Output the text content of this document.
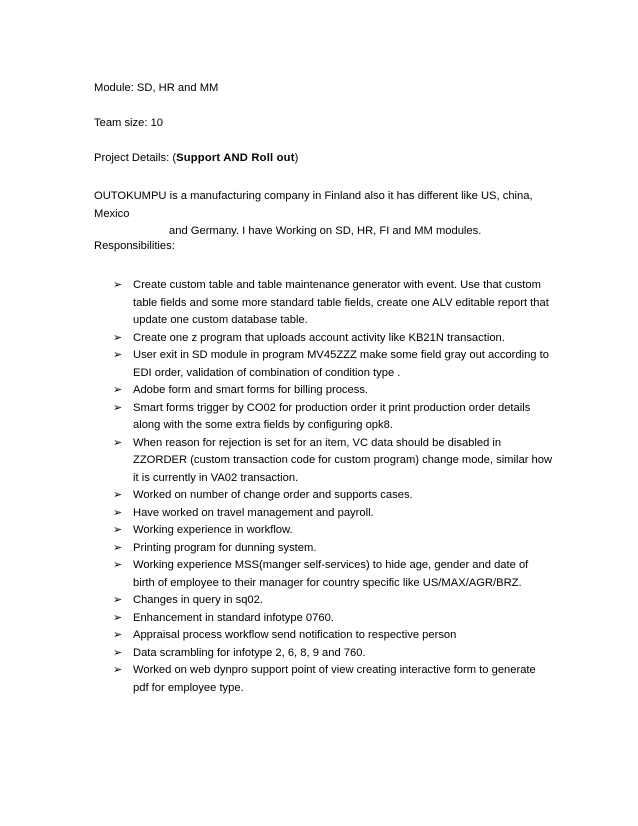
Module: SD, HR and MM

Team size: 10

Project Details: (Support AND Roll out)

OUTOKUMPU is a manufacturing company in Finland also it has different like US, china, Mexico
and Germany. I have Working on SD, HR, FI and MM modules.

Responsibilities:

➢ Create custom table and table maintenance generator with event. Use that custom table fields and some more standard table fields, create one ALV editable report that update one custom database table.
➢ Create one z program that uploads account activity like KB21N transaction.
➢ User exit in SD module in program MV45ZZZ make some field gray out according to EDI order, validation of combination of condition type .
➢ Adobe form and smart forms for billing process.
➢ Smart forms trigger by CO02 for production order it print production order details along with the some extra fields by configuring opk8.
➢ When reason for rejection is set for an item, VC data should be disabled in ZZORDER (custom transaction code for custom program) change mode, similar how it is currently in VA02 transaction.
➢ Worked on number of change order and supports cases.
➢ Have worked on travel management and payroll.
➢ Working experience in workflow.
➢ Printing program for dunning system.
➢ Working experience MSS(manger self-services) to hide age, gender and date of birth of employee to their manager for country specific like US/MAX/AGR/BRZ.
➢ Changes in query in sq02.
➢ Enhancement in standard infotype 0760.
➢ Appraisal process workflow send notification to respective person
➢ Data scrambling for infotype 2, 6, 8, 9 and 760.
➢ Worked on web dynpro support point of view creating interactive form to generate pdf for employee type.
